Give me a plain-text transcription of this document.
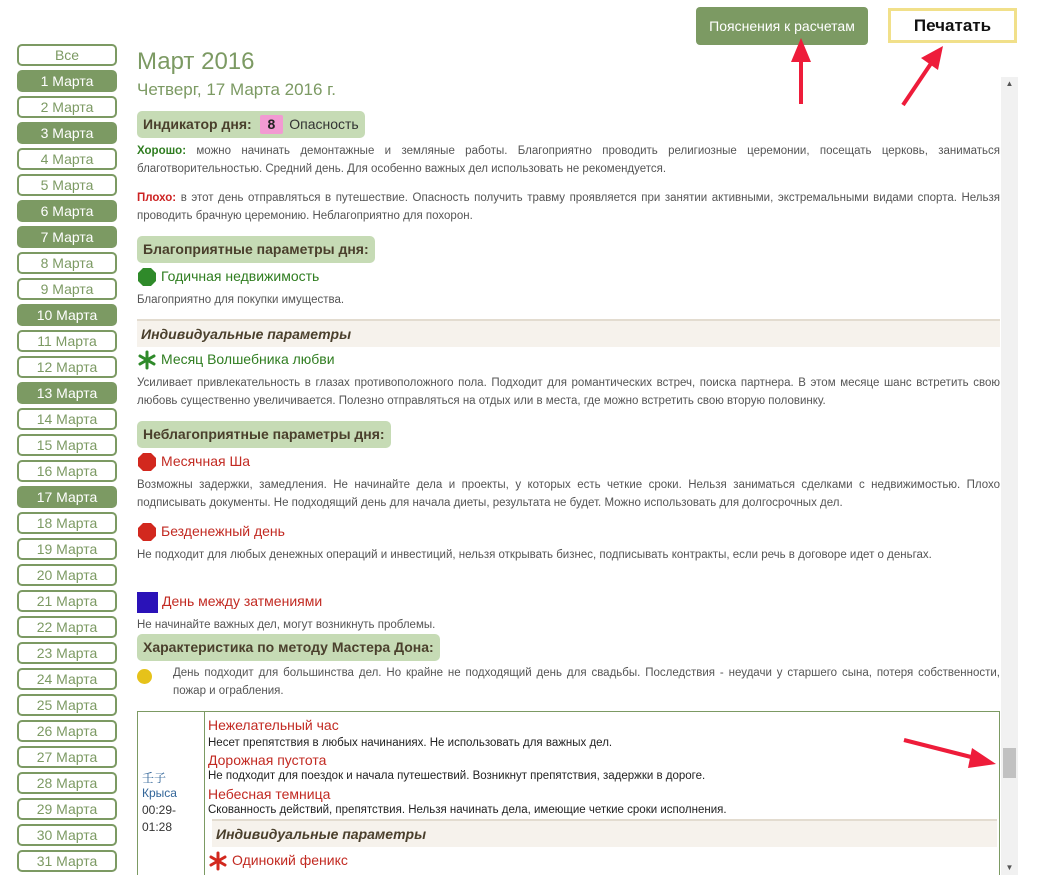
Все
1 Марта
2 Марта
3 Марта
4 Марта
5 Марта
6 Марта
7 Марта
8 Марта
9 Марта
10 Марта
11 Марта
12 Марта
13 Марта
14 Марта
15 Марта
16 Марта
17 Марта
18 Марта
19 Марта
20 Марта
21 Марта
22 Марта
23 Марта
24 Марта
25 Марта
26 Марта
27 Марта
28 Марта
29 Марта
30 Марта
31 Марта
Пояснения к расчетам	Печатать
Март 2016
Четверг, 17 Марта 2016 г.
Индикатор дня: 8 Опасность
Хорошо: можно начинать демонтажные и земляные работы. Благоприятно проводить религиозные церемонии, посещать церковь, заниматься благотворительностью. Средний день. Для особенно важных дел использовать не рекомендуется.
Плохо: в этот день отправляться в путешествие. Опасность получить травму проявляется при занятии активными, экстремальными видами спорта. Нельзя проводить брачную церемонию. Неблагоприятно для похорон.
Благоприятные параметры дня:
Годичная недвижимость
Благоприятно для покупки имущества.
Индивидуальные параметры
Месяц Волшебника любви
Усиливает привлекательность в глазах противоположного пола. Подходит для романтических встреч, поиска партнера. В этом месяце шанс встретить свою любовь существенно увеличивается. Полезно отправляться на отдых или в места, где можно встретить свою вторую половинку.
Неблагоприятные параметры дня:
Месячная Ша
Возможны задержки, замедления. Не начинайте дела и проекты, у которых есть четкие сроки. Нельзя заниматься сделками с недвижимостью. Плохо подписывать документы. Не подходящий день для начала диеты, результата не будет. Можно использовать для долгосрочных дел.
Безденежный день
Не подходит для любых денежных операций и инвестиций, нельзя открывать бизнес, подписывать контракты, если речь в договоре идет о деньгах.
День между затмениями
Не начинайте важных дел, могут возникнуть проблемы.
Характеристика по методу Мастера Дона:
День подходит для большинства дел. Но крайне не подходящий день для свадьбы. Последствия - неудачи у старшего сына, потеря собственности, пожар и ограбления.
壬子
Крыса
00:29-
01:28
Нежелательный час
Несет препятствия в любых начинаниях. Не использовать для важных дел.
Дорожная пустота
Не подходит для поездок и начала путешествий. Возникнут препятствия, задержки в дороге.
Небесная темница
Скованность действий, препятствия. Нельзя начинать дела, имеющие четкие сроки исполнения.
Индивидуальные параметры
Одинокий феникс
▲
▼
